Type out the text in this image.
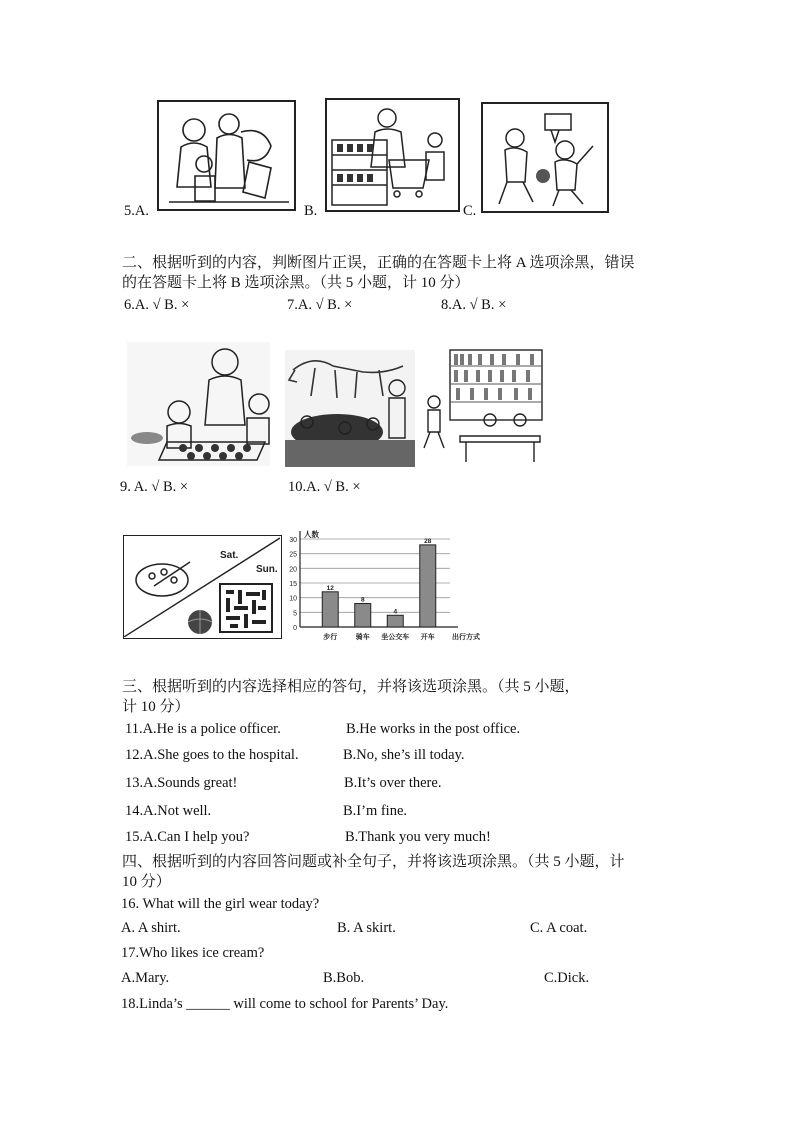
5.A.	B.	C.
二、根据听到的内容，判断图片正误，正确的在答题卡上将 A 选项涂黑，错误
的在答题卡上将 B 选项涂黑。（共 5 小题，计 10 分）
6.A. √ B. ×	7.A. √ B. ×	8.A. √ B. ×
9. A. √ B. ×	10.A. √ B. ×
Sat.
Sun.
0
5
10
15
20
25
30
人数
出行方式
12
步行
8
骑车
4
坐公交车
28
开车
三、根据听到的内容选择相应的答句，并将该选项涂黑。（共 5 小题，
计 10 分）
11.A.He is a police officer.	B.He works in the post office.
12.A.She goes to the hospital.	B.No, she’s ill today.
13.A.Sounds great!	B.It’s over there.
14.A.Not well.	B.I’m fine.
15.A.Can I help you?	B.Thank you very much!
四、根据听到的内容回答问题或补全句子，并将该选项涂黑。（共 5 小题，计
10 分）
16. What will the girl wear today?
A. A shirt.	B. A skirt.	C. A coat.
17.Who likes ice cream?
A.Mary.	B.Bob.	C.Dick.
18.Linda’s ______ will come to school for Parents’ Day.
